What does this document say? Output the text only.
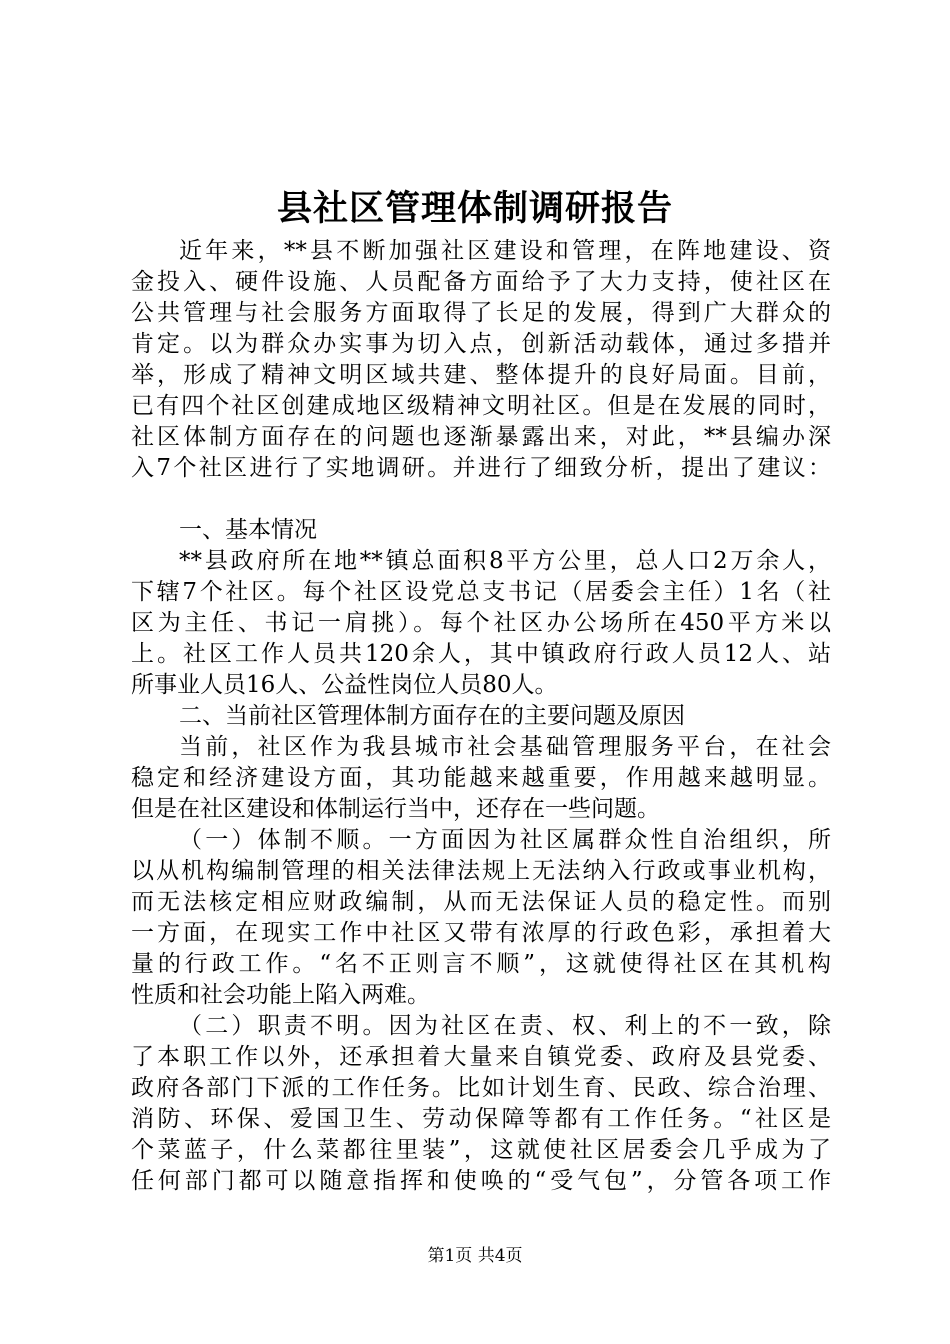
县社区管理体制调研报告
近年来，**县不断加强社区建设和管理，在阵地建设、资
金投入、硬件设施、人员配备方面给予了大力支持，使社区在
公共管理与社会服务方面取得了长足的发展，得到广大群众的
肯定。以为群众办实事为切入点，创新活动载体，通过多措并
举，形成了精神文明区域共建、整体提升的良好局面。目前，
已有四个社区创建成地区级精神文明社区。但是在发展的同时，
社区体制方面存在的问题也逐渐暴露出来，对此，**县编办深
入7个社区进行了实地调研。并进行了细致分析，提出了建议：
一、基本情况
**县政府所在地**镇总面积8平方公里，总人口2万余人，
下辖7个社区。每个社区设党总支书记（居委会主任）1名（社
区为主任、书记一肩挑）。每个社区办公场所在450平方米以
上。社区工作人员共120余人，其中镇政府行政人员12人、站
所事业人员16人、公益性岗位人员80人。
二、当前社区管理体制方面存在的主要问题及原因
当前，社区作为我县城市社会基础管理服务平台，在社会
稳定和经济建设方面，其功能越来越重要，作用越来越明显。
但是在社区建设和体制运行当中，还存在一些问题。
（一）体制不顺。一方面因为社区属群众性自治组织，所
以从机构编制管理的相关法律法规上无法纳入行政或事业机构，
而无法核定相应财政编制，从而无法保证人员的稳定性。而别
一方面，在现实工作中社区又带有浓厚的行政色彩，承担着大
量的行政工作。“名不正则言不顺”，这就使得社区在其机构
性质和社会功能上陷入两难。
（二）职责不明。因为社区在责、权、利上的不一致，除
了本职工作以外，还承担着大量来自镇党委、政府及县党委、
政府各部门下派的工作任务。比如计划生育、民政、综合治理、
消防、环保、爱国卫生、劳动保障等都有工作任务。“社区是
个菜蓝子，什么菜都往里装”，这就使社区居委会几乎成为了
任何部门都可以随意指挥和使唤的“受气包”，分管各项工作
第1页 共4页
